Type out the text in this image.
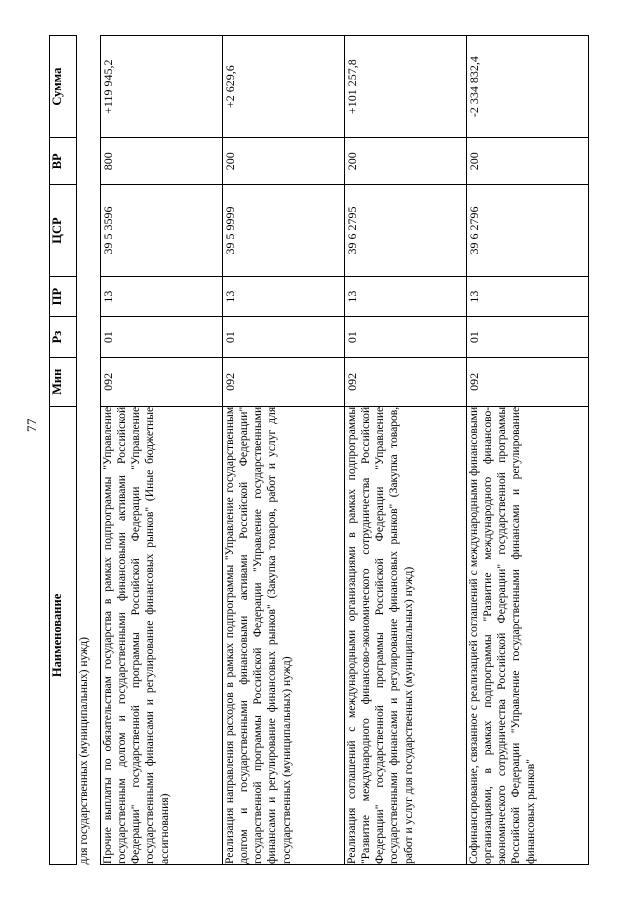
77
Наименование	Мин	Рз	ПР	ЦСР	ВР	Сумма
для государственных (муниципальных) нужд)						
Прочие выплаты по обязательствам государства в рамках подпрограммы "Управление государственным долгом и государственными финансовыми активами Российской Федерации" государственной программы Российской Федерации "Управление государственными финансами и регулирование финансовых рынков" (Иные бюджетные ассигнования)	092	01	13	39 5 3596	800	+119 945,2
Реализация направления расходов в рамках подпрограммы "Управление государственным долгом и государственными финансовыми активами Российской Федерации" государственной программы Российской Федерации "Управление государственными финансами и регулирование финансовых рынков" (Закупка товаров, работ и услуг для государственных (муниципальных) нужд)	092	01	13	39 5 9999	200	+2 629,6
Реализация соглашений с международными организациями в рамках подпрограммы "Развитие международного финансово-экономического сотрудничества Российской Федерации" государственной программы Российской Федерации "Управление государственными финансами и регулирование финансовых рынков" (Закупка товаров, работ и услуг для государственных (муниципальных) нужд)	092	01	13	39 6 2795	200	+101 257,8
Софинансирование, связанное с реализацией соглашений с международными финансовыми организациями, в рамках подпрограммы "Развитие международного финансово-экономического сотрудничества Российской Федерации" государственной программы Российской Федерации "Управление государственными финансами и регулирование финансовых рынков"	092	01	13	39 6 2796	200	-2 334 832,4
